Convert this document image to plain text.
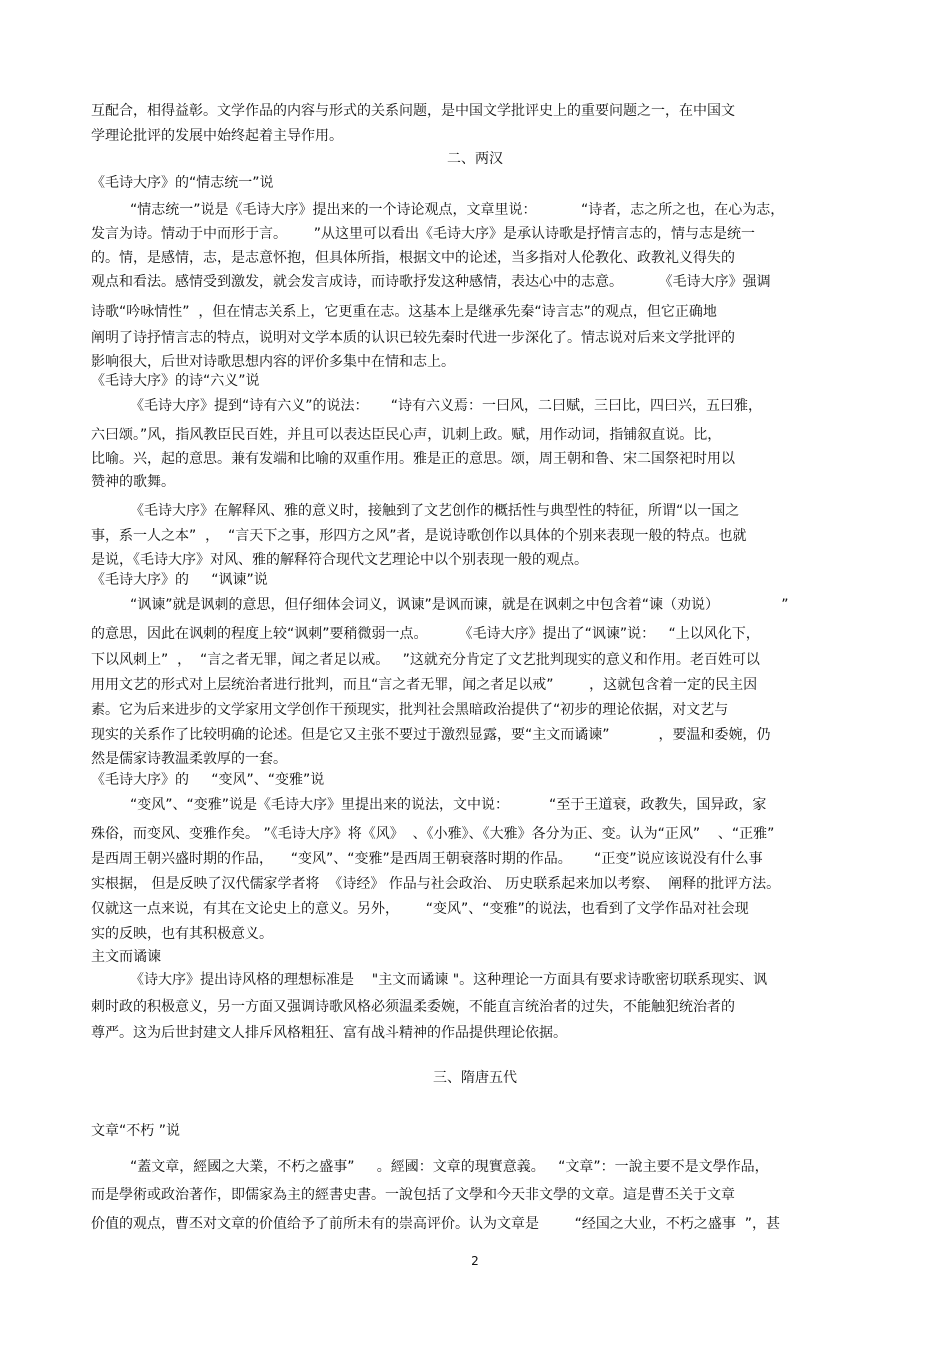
互配合，相得益彰。文学作品的内容与形式的关系问题，是中国文学批评史上的重要问题之一，在中国文
学理论批评的发展中始终起着主导作用。
二、两汉
《毛诗大序》的“情志统一”说
“情志统一”说是《毛诗大序》提出来的一个诗论观点，文章里说：          “诗者，志之所之也，在心为志，
发言为诗。情动于中而形于言。      ”从这里可以看出《毛诗大序》是承认诗歌是抒情言志的，情与志是统一
的。情，是感情，志，是志意怀抱，但具体所指，根据文中的论述，当多指对人伦教化、政教礼义得失的
观点和看法。感情受到激发，就会发言成诗，而诗歌抒发这种感情，表达心中的志意。        《毛诗大序》强调
诗歌“吟咏情性”  ，但在情志关系上，它更重在志。这基本上是继承先秦“诗言志”的观点，但它正确地
阐明了诗抒情言志的特点，说明对文学本质的认识已较先秦时代进一步深化了。情志说对后来文学批评的
影响很大，后世对诗歌思想内容的评价多集中在情和志上。
《毛诗大序》的诗“六义”说
《毛诗大序》提到“诗有六义”的说法：     “诗有六义焉：一曰风，二曰赋，三曰比，四曰兴，五曰雅，
六曰颂。”风，指风教臣民百姓，并且可以表达臣民心声，讥刺上政。赋，用作动词，指铺叙直说。比，
比喻。兴，起的意思。兼有发端和比喻的双重作用。雅是正的意思。颂，周王朝和鲁、宋二国祭祀时用以
赞神的歌舞。
《毛诗大序》在解释风、雅的意义时，接触到了文艺创作的概括性与典型性的特征，所谓“以一国之
事，系一人之本”  ，  “言天下之事，形四方之风”者，是说诗歌创作以具体的个别来表现一般的特点。也就
是说，《毛诗大序》对风、雅的解释符合现代文艺理论中以个别表现一般的观点。
《毛诗大序》的     “讽谏”说
“讽谏”就是讽刺的意思，但仔细体会词义，讽谏”是讽而谏，就是在讽刺之中包含着“谏（劝说）              ”
的意思，因此在讽刺的程度上较“讽刺”要稍微弱一点。       《毛诗大序》提出了“讽谏”说：   “上以风化下，
下以风刺上”  ，  “言之者无罪，闻之者足以戒。   ”这就充分肯定了文艺批判现实的意义和作用。老百姓可以
用用文艺的形式对上层统治者进行批判，而且“言之者无罪，闻之者足以戒”        ，这就包含着一定的民主因
素。它为后来进步的文学家用文学创作干预现实，批判社会黑暗政治提供了“初步的理论依据，对文艺与
现实的关系作了比较明确的论述。但是它又主张不要过于激烈显露，要“主文而谲谏”           ，要温和委婉，仍
然是儒家诗教温柔敦厚的一套。
《毛诗大序》的     “变风”、“变雅”说
“变风”、“变雅”说是《毛诗大序》里提出来的说法，文中说：         “至于王道衰，政教失，国异政，家
殊俗，而变风、变雅作矣。 ”《毛诗大序》将《风》  、《小雅》、《大雅》各分为正、变。认为“正风”    、“正雅”
是西周王朝兴盛时期的作品，    “变风”、“变雅”是西周王朝衰落时期的作品。     “正变”说应该说没有什么事
实根据， 但是反映了汉代儒家学者将  《诗经》 作品与社会政治、 历史联系起来加以考察、  阐释的批评方法。
仅就这一点来说，有其在文论史上的意义。另外，      “变风”、“变雅”的说法，也看到了文学作品对社会现
实的反映，也有其积极意义。
主文而谲谏
《诗大序》提出诗风格的理想标准是    "主文而谲谏 "。这种理论一方面具有要求诗歌密切联系现实、讽
刺时政的积极意义，另一方面又强调诗歌风格必须温柔委婉，不能直言统治者的过失，不能触犯统治者的
尊严。这为后世封建文人排斥风格粗狂、富有战斗精神的作品提供理论依据。
三、隋唐五代
文章“不朽 ”说
“蓋文章，經國之大業，不朽之盛事”     。經國：文章的現實意義。   “文章”：一說主要不是文學作品，
而是學術或政治著作，即儒家為主的經書史書。一說包括了文學和今天非文學的文章。這是曹丕关于文章
价值的观点，曹丕对文章的价值给予了前所未有的崇高评价。认为文章是        “经国之大业，不朽之盛事  ”，甚
2
